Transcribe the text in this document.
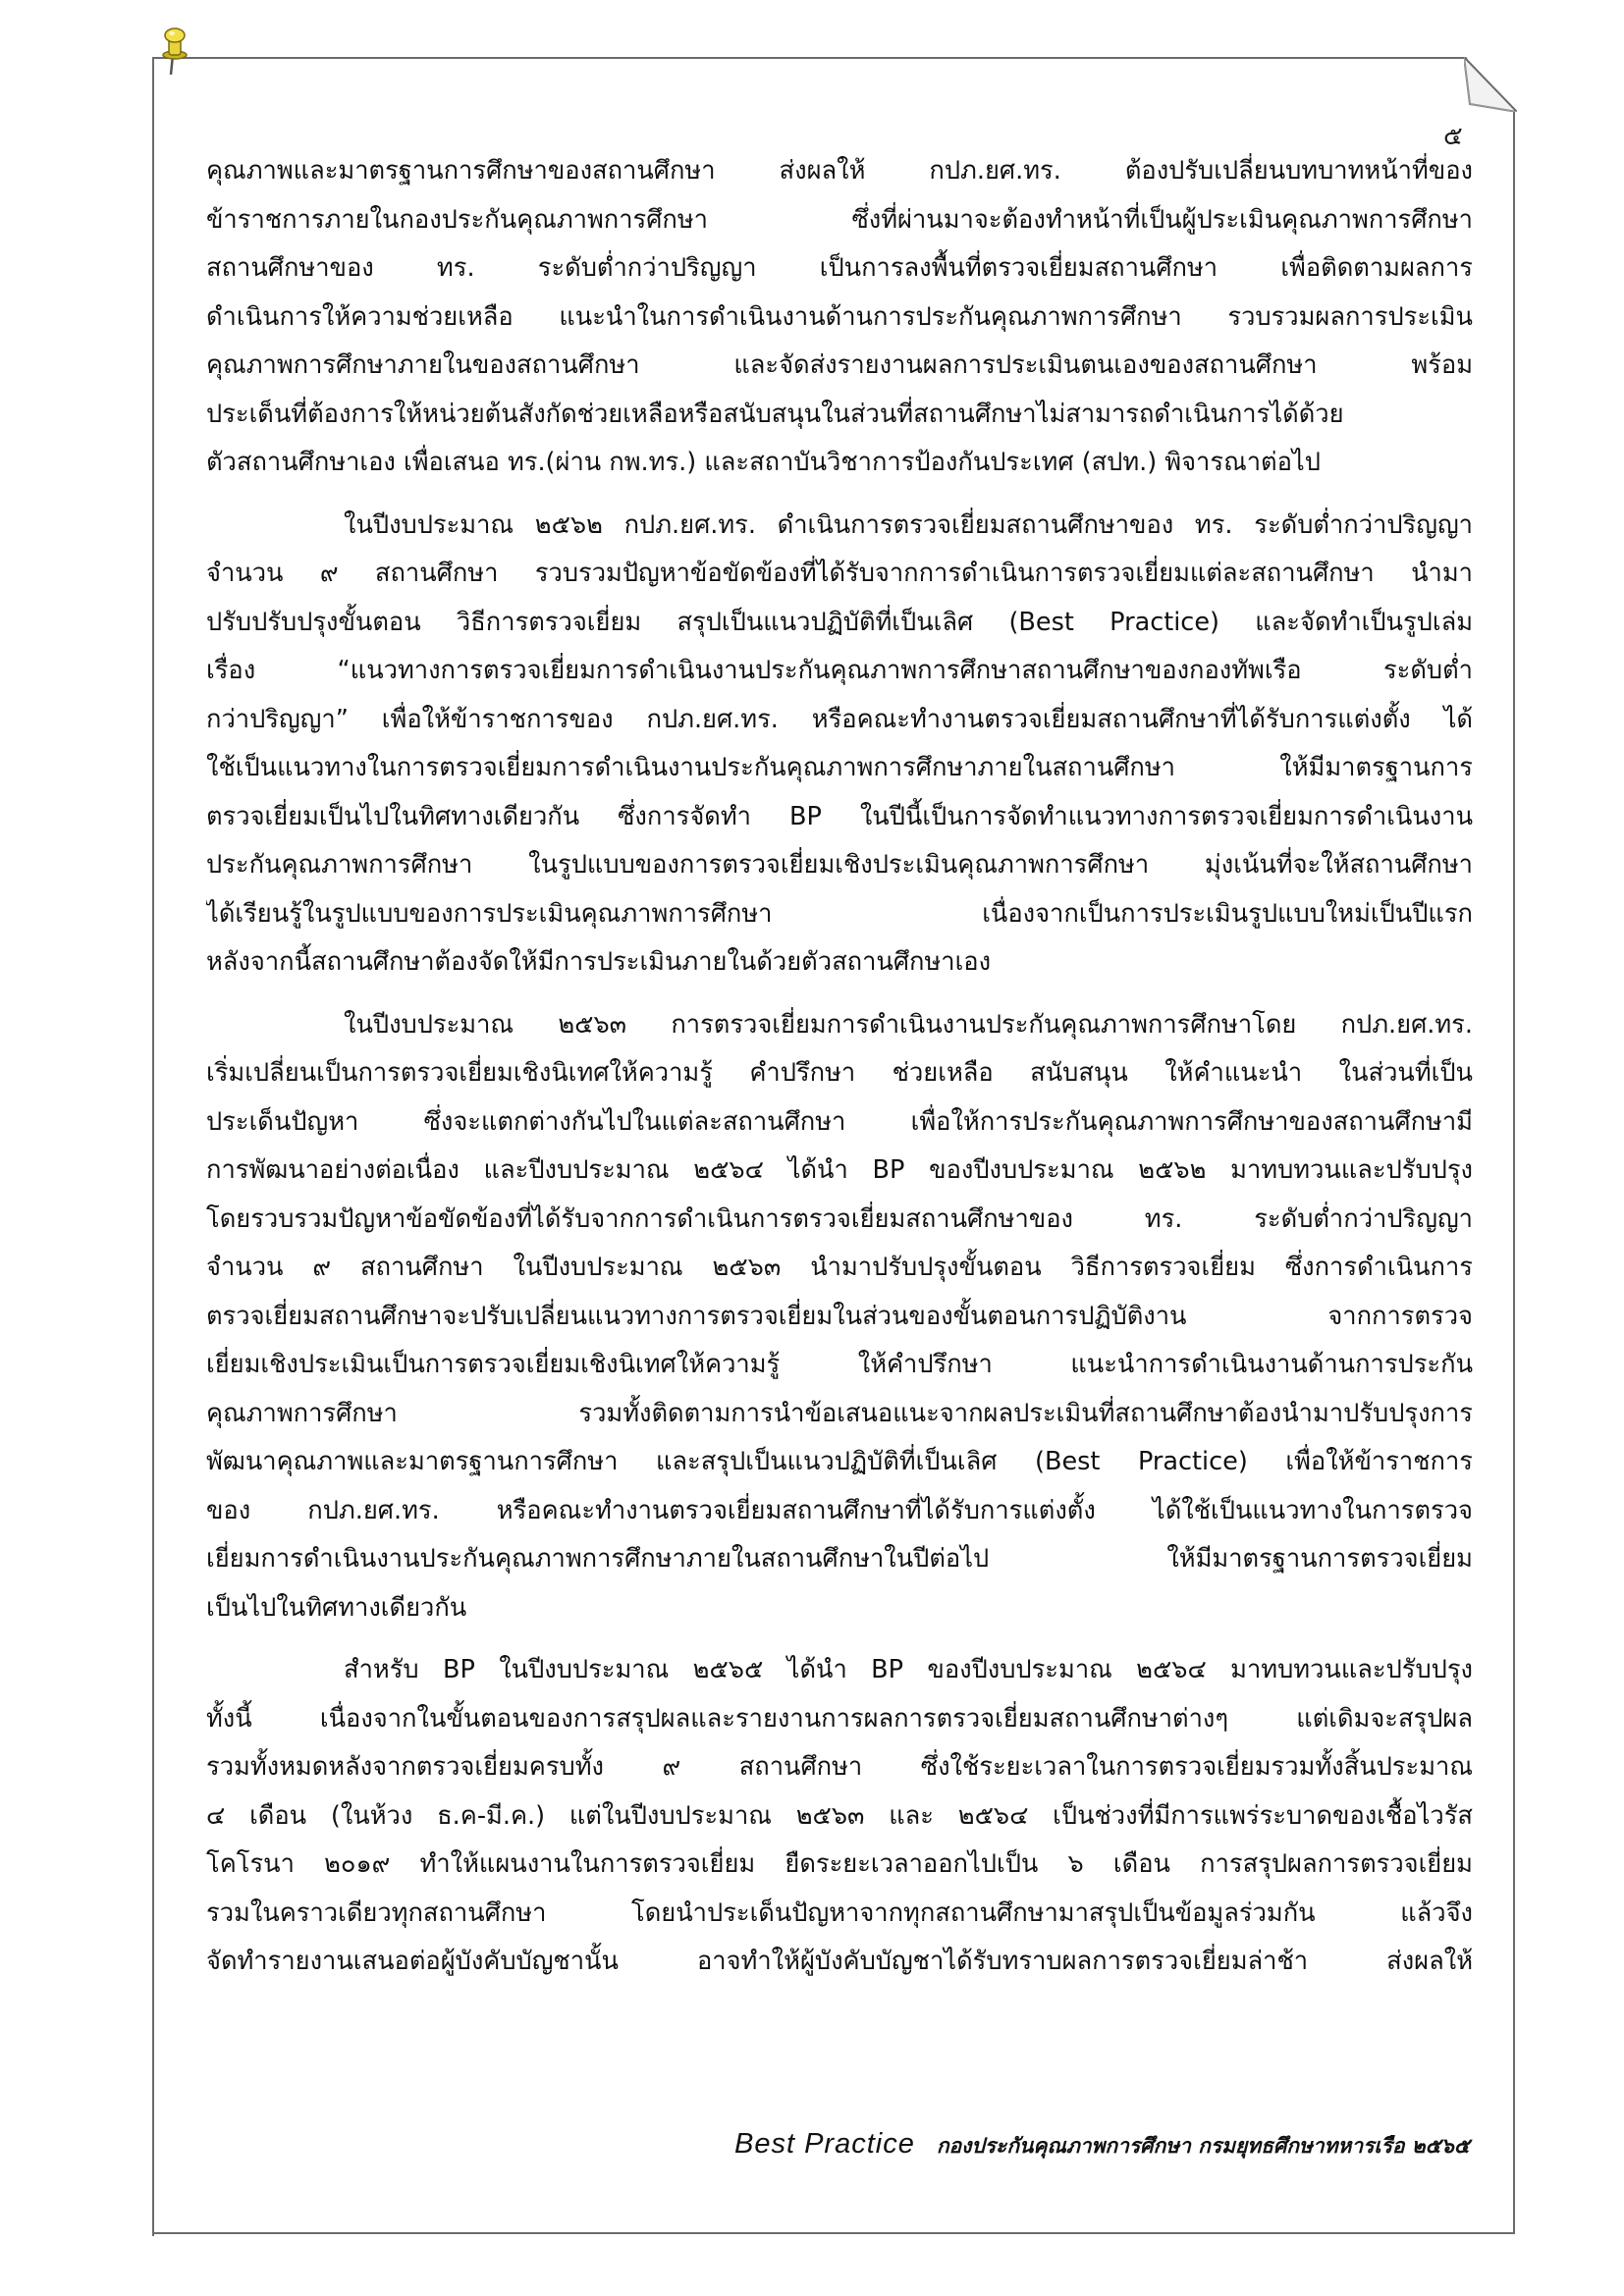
๕
คุณภาพและมาตรฐานการศึกษาของสถานศึกษา ส่งผลให้ กปภ.ยศ.ทร. ต้องปรับเปลี่ยนบทบาทหน้าที่ของ
ข้าราชการภายในกองประกันคุณภาพการศึกษา ซึ่งที่ผ่านมาจะต้องทำหน้าที่เป็นผู้ประเมินคุณภาพการศึกษา
สถานศึกษาของ ทร. ระดับต่ำกว่าปริญญา เป็นการลงพื้นที่ตรวจเยี่ยมสถานศึกษา เพื่อติดตามผลการ
ดำเนินการให้ความช่วยเหลือ แนะนำในการดำเนินงานด้านการประกันคุณภาพการศึกษา รวบรวมผลการประเมิน
คุณภาพการศึกษาภายในของสถานศึกษา และจัดส่งรายงานผลการประเมินตนเองของสถานศึกษา พร้อม
ประเด็นที่ต้องการให้หน่วยต้นสังกัดช่วยเหลือหรือสนับสนุนในส่วนที่สถานศึกษาไม่สามารถดำเนินการได้ด้วย
ตัวสถานศึกษาเอง เพื่อเสนอ ทร.(ผ่าน กพ.ทร.) และสถาบันวิชาการป้องกันประเทศ (สปท.) พิจารณาต่อไป
ในปีงบประมาณ ๒๕๖๒ กปภ.ยศ.ทร. ดำเนินการตรวจเยี่ยมสถานศึกษาของ ทร. ระดับต่ำกว่าปริญญา
จำนวน ๙ สถานศึกษา รวบรวมปัญหาข้อขัดข้องที่ได้รับจากการดำเนินการตรวจเยี่ยมแต่ละสถานศึกษา นำมา
ปรับปรับปรุงขั้นตอน วิธีการตรวจเยี่ยม สรุปเป็นแนวปฏิบัติที่เป็นเลิศ (Best Practice) และจัดทำเป็นรูปเล่ม
เรื่อง “แนวทางการตรวจเยี่ยมการดำเนินงานประกันคุณภาพการศึกษาสถานศึกษาของกองทัพเรือ ระดับต่ำ
กว่าปริญญา” เพื่อให้ข้าราชการของ กปภ.ยศ.ทร. หรือคณะทำงานตรวจเยี่ยมสถานศึกษาที่ได้รับการแต่งตั้ง ได้
ใช้เป็นแนวทางในการตรวจเยี่ยมการดำเนินงานประกันคุณภาพการศึกษาภายในสถานศึกษา ให้มีมาตรฐานการ
ตรวจเยี่ยมเป็นไปในทิศทางเดียวกัน ซึ่งการจัดทำ BP ในปีนี้เป็นการจัดทำแนวทางการตรวจเยี่ยมการดำเนินงาน
ประกันคุณภาพการศึกษา ในรูปแบบของการตรวจเยี่ยมเชิงประเมินคุณภาพการศึกษา มุ่งเน้นที่จะให้สถานศึกษา
ได้เรียนรู้ในรูปแบบของการประเมินคุณภาพการศึกษา เนื่องจากเป็นการประเมินรูปแบบใหม่เป็นปีแรก
หลังจากนี้สถานศึกษาต้องจัดให้มีการประเมินภายในด้วยตัวสถานศึกษาเอง
ในปีงบประมาณ ๒๕๖๓ การตรวจเยี่ยมการดำเนินงานประกันคุณภาพการศึกษาโดย กปภ.ยศ.ทร.
เริ่มเปลี่ยนเป็นการตรวจเยี่ยมเชิงนิเทศให้ความรู้ คำปรึกษา ช่วยเหลือ สนับสนุน ให้คำแนะนำ ในส่วนที่เป็น
ประเด็นปัญหา ซึ่งจะแตกต่างกันไปในแต่ละสถานศึกษา เพื่อให้การประกันคุณภาพการศึกษาของสถานศึกษามี
การพัฒนาอย่างต่อเนื่อง และปีงบประมาณ ๒๕๖๔ ได้นำ BP ของปีงบประมาณ ๒๕๖๒ มาทบทวนและปรับปรุง
โดยรวบรวมปัญหาข้อขัดข้องที่ได้รับจากการดำเนินการตรวจเยี่ยมสถานศึกษาของ ทร. ระดับต่ำกว่าปริญญา
จำนวน ๙ สถานศึกษา ในปีงบประมาณ ๒๕๖๓ นำมาปรับปรุงขั้นตอน วิธีการตรวจเยี่ยม ซึ่งการดำเนินการ
ตรวจเยี่ยมสถานศึกษาจะปรับเปลี่ยนแนวทางการตรวจเยี่ยมในส่วนของขั้นตอนการปฏิบัติงาน จากการตรวจ
เยี่ยมเชิงประเมินเป็นการตรวจเยี่ยมเชิงนิเทศให้ความรู้ ให้คำปรึกษา แนะนำการดำเนินงานด้านการประกัน
คุณภาพการศึกษา รวมทั้งติดตามการนำข้อเสนอแนะจากผลประเมินที่สถานศึกษาต้องนำมาปรับปรุงการ
พัฒนาคุณภาพและมาตรฐานการศึกษา และสรุปเป็นแนวปฏิบัติที่เป็นเลิศ (Best Practice) เพื่อให้ข้าราชการ
ของ กปภ.ยศ.ทร. หรือคณะทำงานตรวจเยี่ยมสถานศึกษาที่ได้รับการแต่งตั้ง ได้ใช้เป็นแนวทางในการตรวจ
เยี่ยมการดำเนินงานประกันคุณภาพการศึกษาภายในสถานศึกษาในปีต่อไป ให้มีมาตรฐานการตรวจเยี่ยม
เป็นไปในทิศทางเดียวกัน
สำหรับ BP ในปีงบประมาณ ๒๕๖๕ ได้นำ BP ของปีงบประมาณ ๒๕๖๔ มาทบทวนและปรับปรุง
ทั้งนี้ เนื่องจากในขั้นตอนของการสรุปผลและรายงานการผลการตรวจเยี่ยมสถานศึกษาต่างๆ แต่เดิมจะสรุปผล
รวมทั้งหมดหลังจากตรวจเยี่ยมครบทั้ง ๙ สถานศึกษา ซึ่งใช้ระยะเวลาในการตรวจเยี่ยมรวมทั้งสิ้นประมาณ
๔ เดือน (ในห้วง ธ.ค-มี.ค.) แต่ในปีงบประมาณ ๒๕๖๓ และ ๒๕๖๔ เป็นช่วงที่มีการแพร่ระบาดของเชื้อไวรัส
โคโรนา ๒๐๑๙ ทำให้แผนงานในการตรวจเยี่ยม ยืดระยะเวลาออกไปเป็น ๖ เดือน การสรุปผลการตรวจเยี่ยม
รวมในคราวเดียวทุกสถานศึกษา โดยนำประเด็นปัญหาจากทุกสถานศึกษามาสรุปเป็นข้อมูลร่วมกัน แล้วจึง
จัดทำรายงานเสนอต่อผู้บังคับบัญชานั้น อาจทำให้ผู้บังคับบัญชาได้รับทราบผลการตรวจเยี่ยมล่าช้า ส่งผลให้
Best Practice กองประกันคุณภาพการศึกษา กรมยุทธศึกษาทหารเรือ ๒๕๖๕
